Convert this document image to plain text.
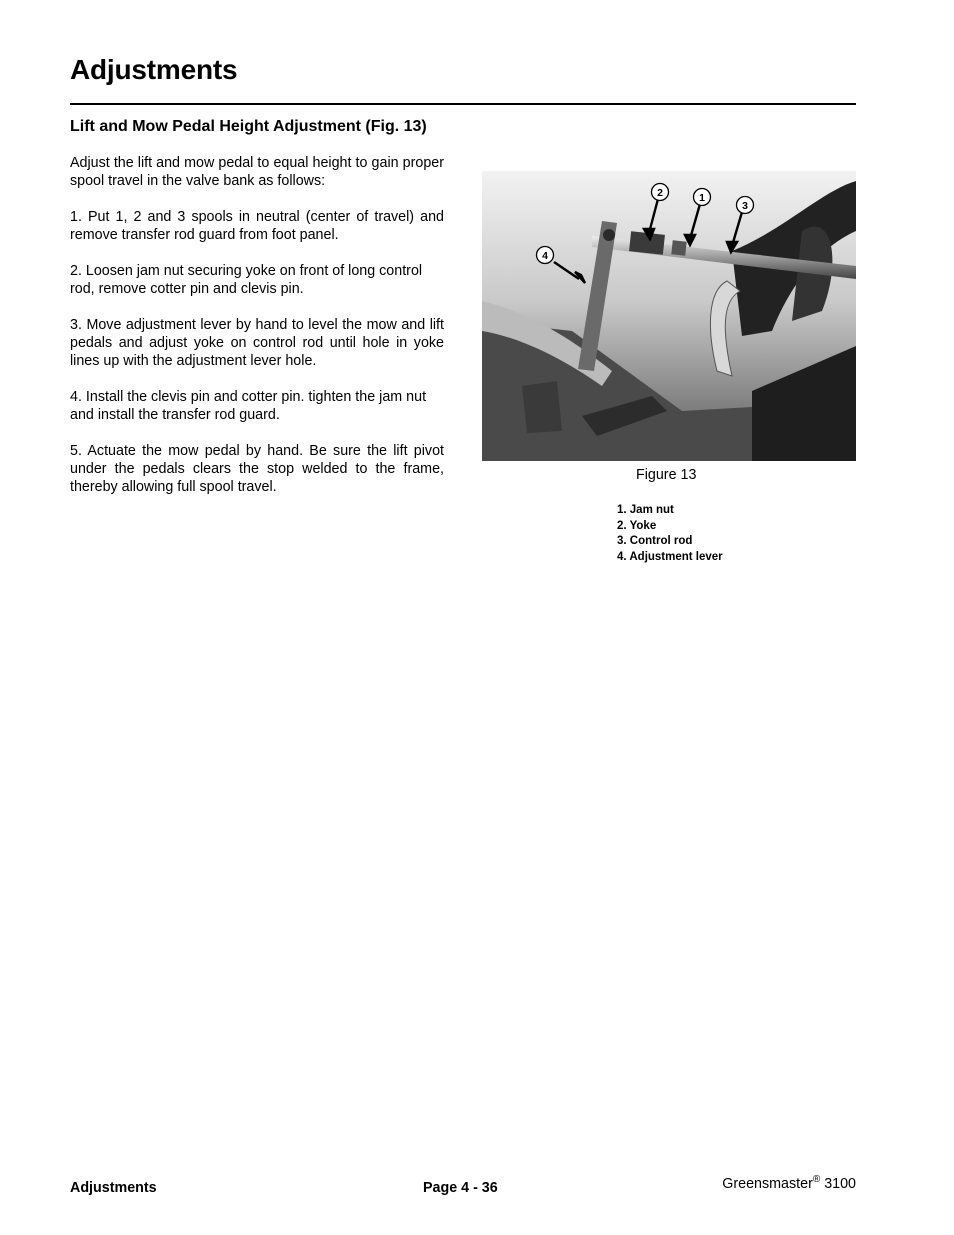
Adjustments
Lift and Mow Pedal Height Adjustment (Fig. 13)

Adjust the lift and mow pedal to equal height to gain proper spool travel in the valve bank as follows:

1. Put 1, 2 and 3 spools in neutral (center of travel) and remove transfer rod guard from foot panel.

2. Loosen jam nut securing yoke on front of long control rod, remove cotter pin and clevis pin.

3. Move adjustment lever by hand to level the mow and lift pedals and adjust yoke on control rod until hole in yoke lines up with the adjustment lever hole.

4. Install the clevis pin and cotter pin. tighten the jam nut and install the transfer rod guard.

5. Actuate the mow pedal by hand. Be sure the lift pivot under the pedals clears the stop welded to the frame, thereby allowing full spool travel.

2	1
3
4
Figure 13
1. Jam nut
2. Yoke
3. Control rod
4. Adjustment lever
Adjustments	Page 4 - 36	Greensmaster® 3100
